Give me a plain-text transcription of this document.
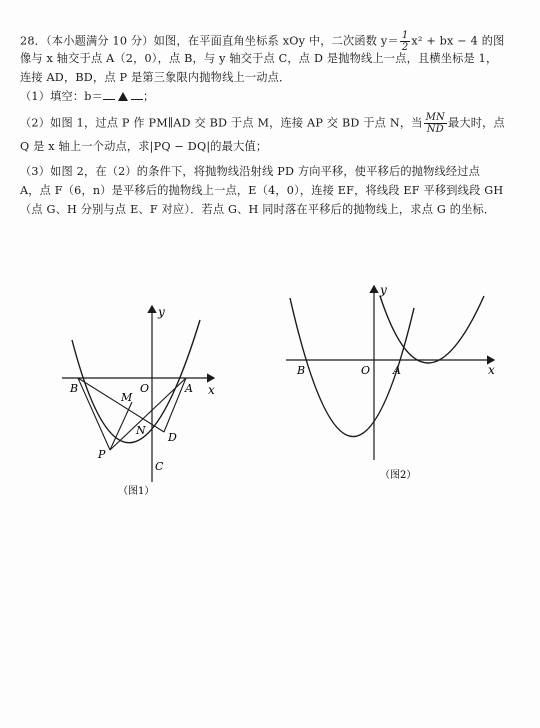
28．（本小题满分 10 分）如图，在平面直角坐标系 xOy 中，二次函数 $y= \frac{1}{2} x^2$ + bx − 4 的图
像与 x 轴交于点 A（2，0），点 B，与 y 轴交于点 C，点 D 是抛物线上一点，且横坐标是 1，
连接 AD，BD，点 P 是第三象限内抛物线上一动点．
（1）填空：b＝	；
（2）如图 1，过点 P 作 PM∥AD 交 BD 于点 M，连接 AP 交 BD 于点 N，当 $\frac{MN}{ND}$ 最大时，点
Q 是 x 轴上一个动点，求|PQ − DQ|的最大值；
（3）如图 2，在（2）的条件下，将抛物线沿射线 PD 方向平移，使平移后的抛物线经过点
A，点 F（6，n）是平移后的抛物线上一点，E（4，0），连接 EF，将线段 EF 平移到线段 GH
（点 G、H 分别与点 E、F 对应）．若点 G、H 同时落在平移后的抛物线上，求点 G 的坐标．
y
x
O	A
B
M
N
D
P
C
（图1）
y
x
O A
B
（图2）
